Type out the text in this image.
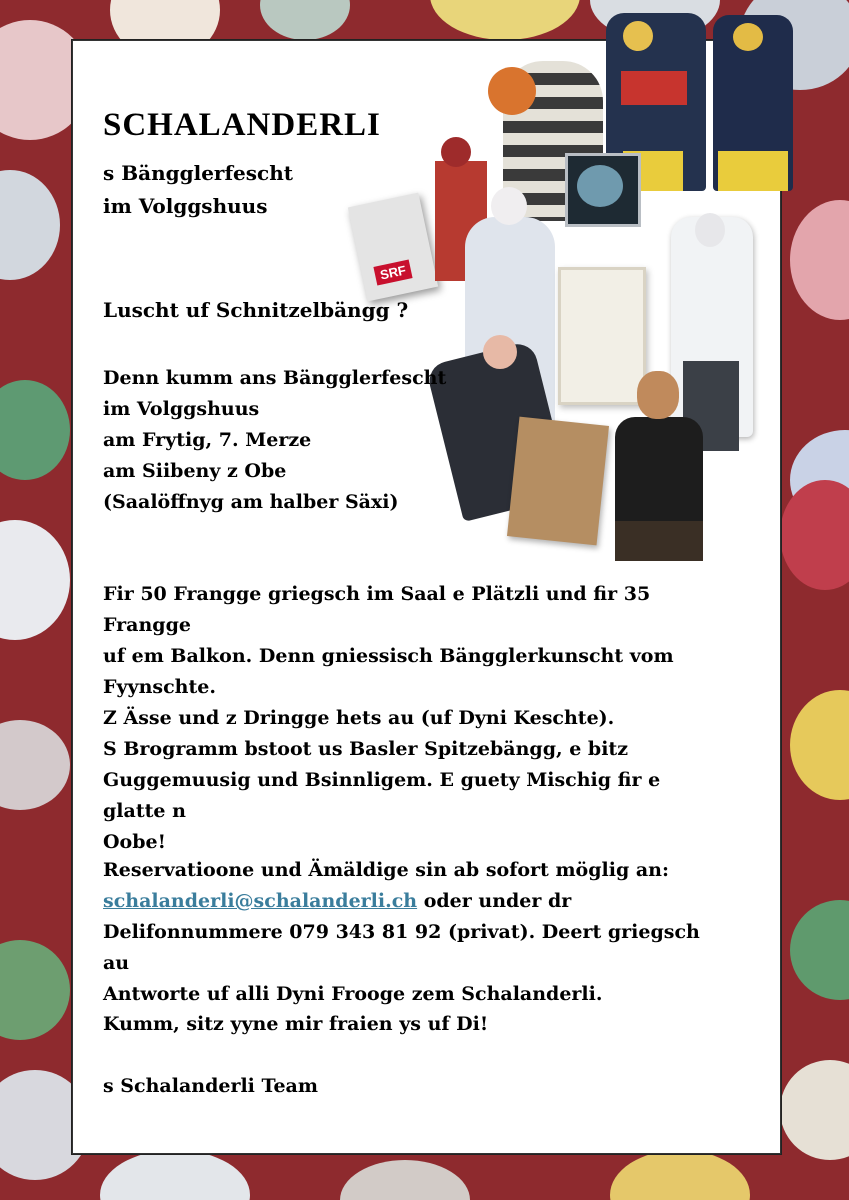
SRF
SCHALANDERLI
s Bängglerfescht
im Volggshuus
Luscht uf Schnitzelbängg ?
Denn kumm ans Bängglerfescht
im Volggshuus
am Frytig, 7. Merze
am Siibeny z Obe
(Saalöffnyg am halber Säxi)
Fir 50 Frangge griegsch im Saal e Plätzli und fir 35 Frangge
uf em Balkon. Denn gniessisch Bängglerkunscht vom
Fyynschte.
Z Ässe und z Dringge hets au (uf Dyni Keschte).
S Brogramm bstoot us Basler Spitzebängg, e bitz
Guggemuusig und Bsinnligem. E guety Mischig fir e glatte n
Oobe!
Reservatioone und Ämäldige sin ab sofort möglig an:
schalanderli@schalanderli.ch oder under dr
Delifonnummere 079 343 81 92 (privat). Deert griegsch au
Antworte uf alli Dyni Frooge zem Schalanderli.
Kumm, sitz yyne mir fraien ys uf Di!
s Schalanderli Team
